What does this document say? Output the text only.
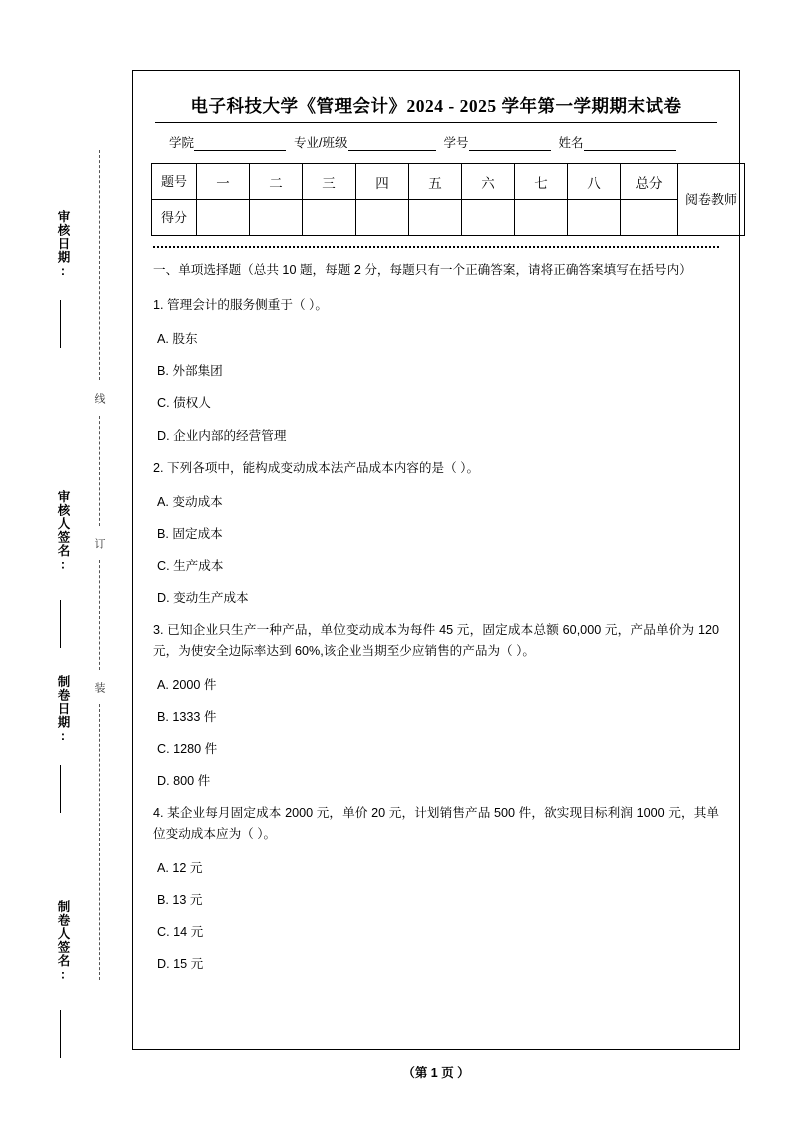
审核日期:
审核人签名:
制卷日期:
制卷人签名:
线
订
装
电子科技大学《管理会计》2024 - 2025 学年第一学期期末试卷
学院	专业/班级	学号	姓名
题号	一	二	三	四	五	六	七	八	总分	阅卷教师
得分										
一、单项选择题（总共 10 题，每题 2 分，每题只有一个正确答案，请将正确答案填写在括号内）
1. 管理会计的服务侧重于（ ）。
A. 股东
B. 外部集团
C. 债权人
D. 企业内部的经营管理
2. 下列各项中，能构成变动成本法产品成本内容的是（ ）。
A. 变动成本
B. 固定成本
C. 生产成本
D. 变动生产成本
3. 已知企业只生产一种产品，单位变动成本为每件 45 元，固定成本总额 60,000 元，产品单价为 120 元，为使安全边际率达到 60%,该企业当期至少应销售的产品为（ ）。
A. 2000 件
B. 1333 件
C. 1280 件
D. 800 件
4. 某企业每月固定成本 2000 元，单价 20 元，计划销售产品 500 件，欲实现目标利润 1000 元，其单位变动成本应为（ ）。
A. 12 元
B. 13 元
C. 14 元
D. 15 元
（第 1 页 ）
